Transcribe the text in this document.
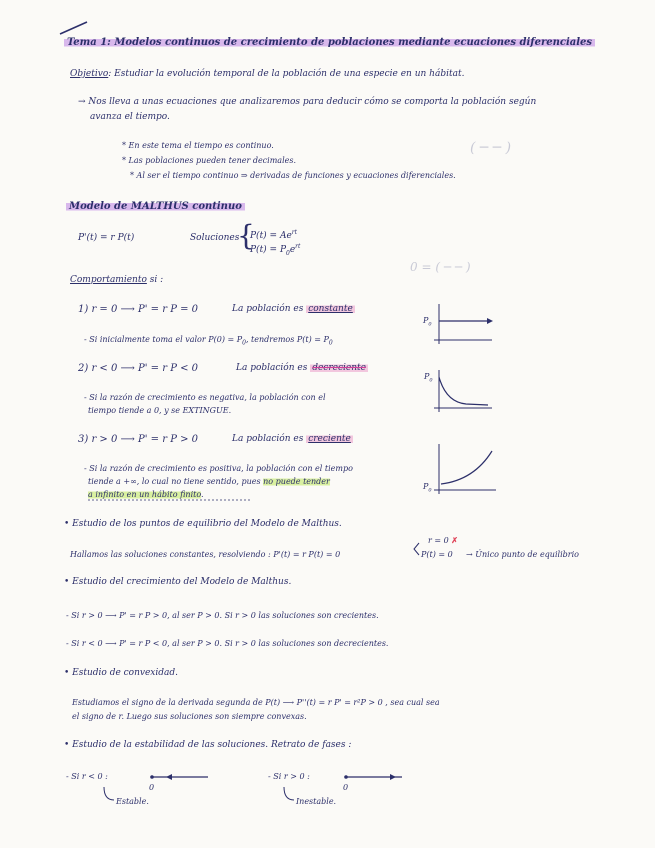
( ─ ─ )
0 = ( ─ ─ )
Tema 1: Modelos continuos de crecimiento de poblaciones mediante ecuaciones diferenciales
Objetivo: Estudiar la evolución temporal de la población de una especie en un hábitat.
→ Nos lleva a unas ecuaciones que analizaremos para deducir cómo se comporta la población según
avanza el tiempo.
* En este tema el tiempo es continuo.
* Las poblaciones pueden tener decimales.
* Al ser el tiempo continuo ⇒ derivadas de funciones y ecuaciones diferenciales.
Modelo de MALTHUS continuo
P'(t) = r P(t)	Soluciones
{
$P(t) = Ae^{rt}$
$P(t) = P_0e^{rt}$
Comportamiento si :
1) r = 0 ⟶ P' = r P = 0	La población es constante
- Si inicialmente toma el valor $P(0) = P_0$, tendremos $P(t) = P_0$
$P_0$
2) r < 0 ⟶ P' = r P < 0	La población es decreciente
- Si la razón de crecimiento es negativa, la población con el
tiempo tiende a 0, y se EXTINGUE.
$P_0$
3) r > 0 ⟶ P' = r P > 0	La población es creciente
- Si la razón de crecimiento es positiva, la población con el tiempo
tiende a +∞, lo cual no tiene sentido, pues no puede tender
a infinito en un hábito finito.
$P_0$
• Estudio de los puntos de equilibrio del Modelo de Malthus.
Hallamos las soluciones constantes, resolviendo : P'(t) = r P(t) = 0
r = 0 ✗
P(t) = 0 → Único punto de equilibrio
• Estudio del crecimiento del Modelo de Malthus.
- Si r > 0 ⟶ P' = r P > 0, al ser P > 0. Si r > 0 las soluciones son crecientes.
- Si r < 0 ⟶ P' = r P < 0, al ser P > 0. Si r > 0 las soluciones son decrecientes.
• Estudio de convexidad.
Estudiamos el signo de la derivada segunda de P(t) ⟶ P''(t) = r P' = r²P > 0 , sea cual sea
el signo de r. Luego sus soluciones son siempre convexas.
• Estudio de la estabilidad de las soluciones. Retrato de fases :
- Si r < 0 :
0
Estable.
- Si r > 0 :
0
Inestable.
